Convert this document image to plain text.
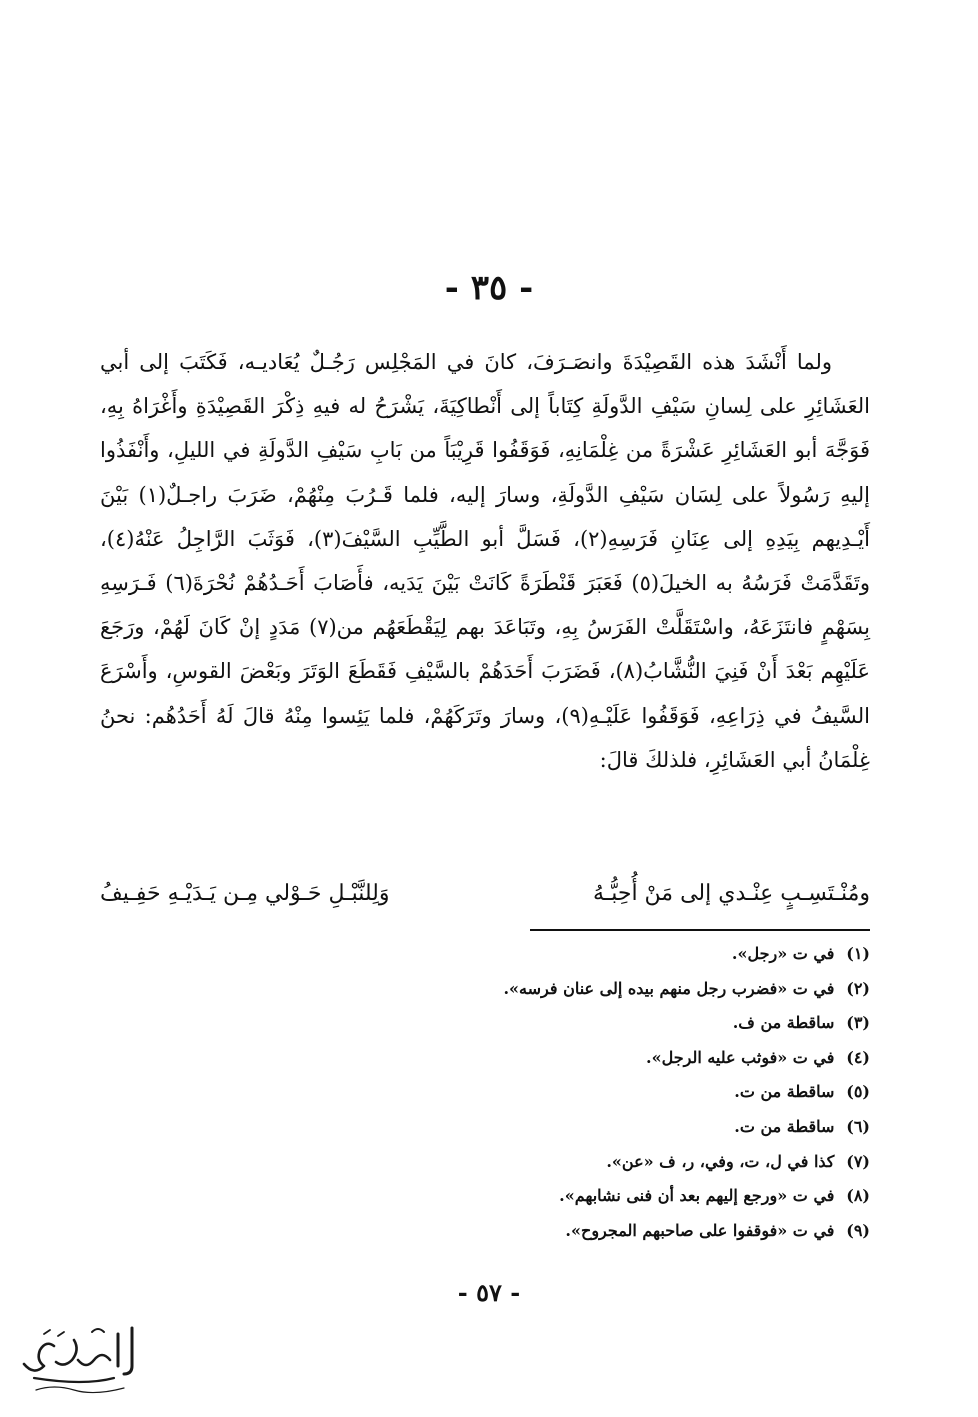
- ٣٥ -

ولما أَنْشَدَ هذه القَصِيْدَةَ وانصَـرَفَ، كانَ في المَجْلِس رَجُـلٌ يُعَاديـه، فَكَتَبَ إلى أبي العَشَائِرِ على لِسانِ سَيْفِ الدَّولَةِ كِتَاباً إلى أَنْطاكِيَةَ، يَشْرَحُ له فيهِ ذِكْرَ القَصِيْدَةِ وأَغْرَاهُ بِهِ، فَوَجَّهَ أبو العَشَائِرِ عَشْرَةً من غِلْمَانِهِ، فَوَقَفُوا قَرِيْبَاً من بَابِ سَيْفِ الدَّولَةِ في الليلِ، وأَنْفَذُوا إليهِ رَسُولاً على لِسَان سَيْفِ الدَّولَةِ، وسارَ إليه، فلما قَـرُبَ مِنْهُمْ، ضَرَبَ راجـلٌ(١) بَيْنَ أَيْـدِيهم بِيَدِهِ إلى عِنَانِ فَرَسِهِ(٢)، فَسَلَّ أبو الطَّيِّبِ السَّيْفَ(٣)، فَوَثَبَ الرَّاجِلُ عَنْهُ(٤)، وتَقَدَّمَتْ فَرَسُهُ به الخيلَ(٥) فَعَبَرَ قَنْطَرَةً كَانَتْ بَيْنَ يَدَيه، فأَصَابَ أَحَـدُهُمْ نُحْرَةَ(٦) فَـرَسِهِ بِسَهْمٍ فانتَزَعَهُ، واسْتَقَلَّتْ الفَرَسُ بِهِ، وتَبَاعَدَ بهم لِيَقْطَعَهُم من(٧) مَدَدٍ إنْ كَانَ لَهُمْ، ورَجَعَ عَلَيْهِم بَعْدَ أَنْ فَنِيَ النُّشَّابُ(٨)، فَضَرَبَ أَحَدَهُمْ بالسَّيْفِ فَقَطَعَ الوَتَرَ وبَعْضَ القوسِ، وأَسْرَعَ السَّيفُ في ذِرَاعِهِ، فَوَقَفُوا عَلَيْـهِ(٩)، وسارَ وتَرَكَهُمْ، فلما يَئِسوا مِنْهُ قالَ لَهُ أَحَدُهُم: نحنُ غِلْمَانُ أبي العَشَائِرِ، فلذلكَ قالَ:

ومُنْـتَسِـبٍ عِنْـدي إلى مَنْ أُحِبُّـهُ
وَلِلنَّبْـلِ حَـوْلي مِـن يَـدَيْـهِ حَفِـيفُ
(١) في ت «رجل».
(٢) في ت «فضرب رجل منهم بيده إلى عنان فرسه».
(٣) ساقطة من ف.
(٤) في ت «فوثب عليه الرجل».
(٥) ساقطة من ت.
(٦) ساقطة من ت.
(٧) كذا في ل، ت، وفي، ر، ف «عن».
(٨) في ت «ورجع إليهم بعد أن فنى نشابهم».
(٩) في ت «فوقفوا على صاحبهم المجروح».
- ٥٧ -
